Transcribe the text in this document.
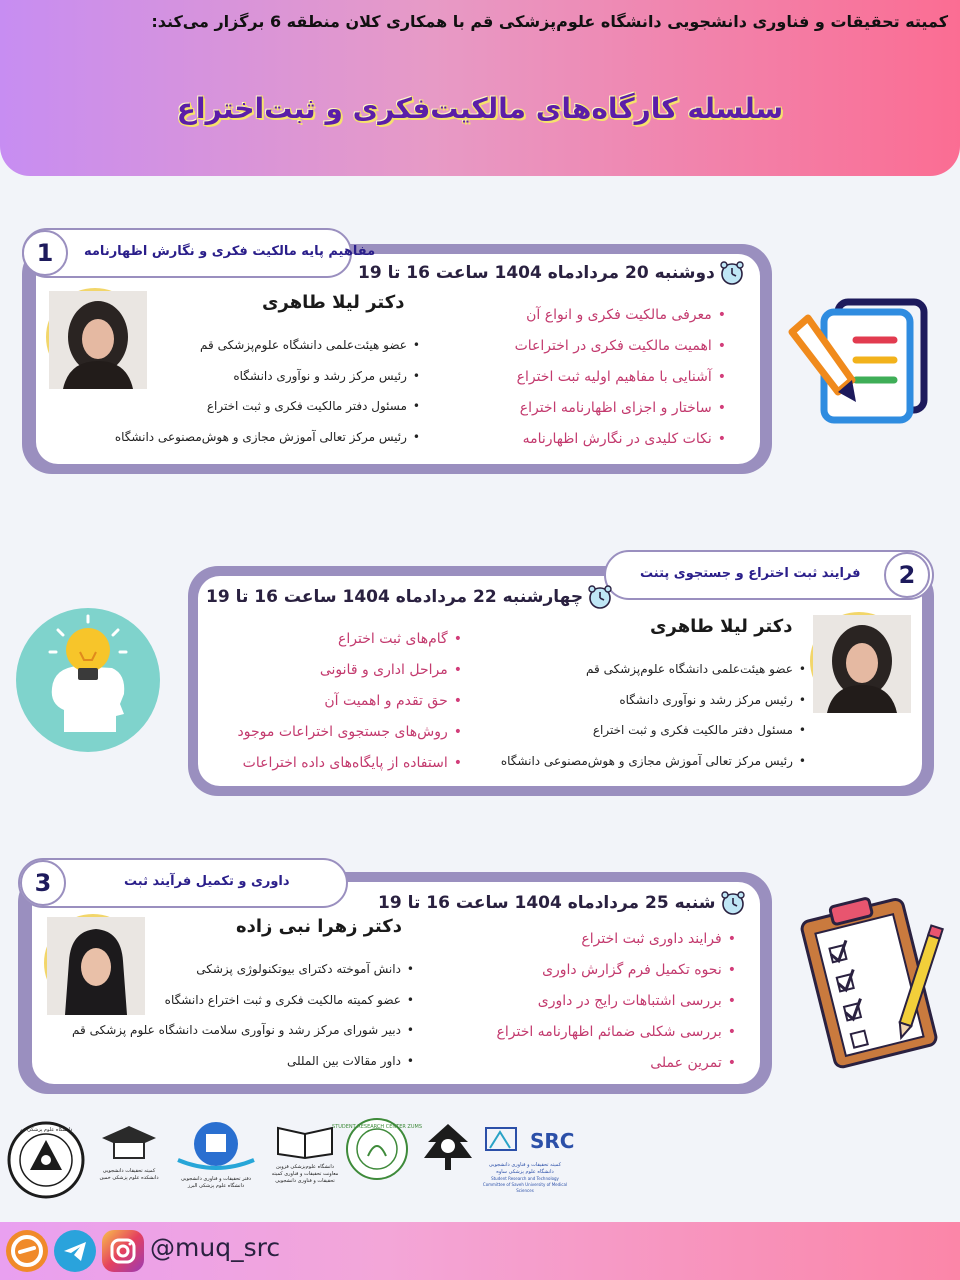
کمیته تحقیقات و فناوری دانشجویی دانشگاه علوم‌پزشکی قم با همکاری کلان منطقه 6 برگزار می‌کند:
سلسله کارگاه‌های مالکیت‌فکری و ثبت‌اختراع
مفاهیم پایه مالکیت فکری و نگارش اظهارنامه
1
دوشنبه 20 مردادماه 1404 ساعت 16 تا 19
دکتر لیلا طاهری
• عضو هیئت‌علمی دانشگاه علوم‌پزشکی قم
• رئیس مرکز رشد و نوآوری دانشگاه
• مسئول دفتر مالکیت فکری و ثبت اختراع
• رئیس مرکز تعالی آموزش مجازی و هوش‌مصنوعی دانشگاه
• معرفی مالکیت فکری و انواع آن
• اهمیت مالکیت فکری در اختراعات
• آشنایی با مفاهیم اولیه ثبت اختراع
• ساختار و اجزای اظهارنامه اختراع
• نکات کلیدی در نگارش اظهارنامه
فرایند ثبت اختراع و جستجوی پتنت	2
چهارشنبه 22 مردادماه 1404 ساعت 16 تا 19
دکتر لیلا طاهری
• عضو هیئت‌علمی دانشگاه علوم‌پزشکی قم
• رئیس مرکز رشد و نوآوری دانشگاه
• مسئول دفتر مالکیت فکری و ثبت اختراع
• رئیس مرکز تعالی آموزش مجازی و هوش‌مصنوعی دانشگاه
• گام‌های ثبت اختراع
• مراحل اداری و قانونی
• حق تقدم و اهمیت آن
• روش‌های جستجوی اختراعات موجود
• استفاده از پایگاه‌های داده اختراعات
داوری و تکمیل فرآیند ثبت
3
شنبه 25 مردادماه 1404 ساعت 16 تا 19
دکتر زهرا نبی زاده
• دانش آموخته دکترای بیوتکنولوژی پزشکی
• عضو کمیته مالکیت فکری و ثبت اختراع دانشگاه
• دبیر شورای مرکز رشد و نوآوری سلامت دانشگاه علوم پزشکی قم
• داور مقالات بین المللی
• فرایند داوری ثبت اختراع
• نحوه تکمیل فرم گزارش داوری
• بررسی اشتباهات رایج در داوری
• بررسی شکلی ضمائم اظهارنامه اختراع
• تمرین عملی
SRC
کمیته تحقیقات و فناوری دانشجویی دانشگاه علوم پزشکی ساوه
Student Research and Technology Committee of Saveh University of Medical Sciences
STUDENT RESEARCH CENTER ZUMS
دانشگاه علوم‌پزشکی قزوین معاونت تحقیقات و فناوری کمیته تحقیقات و فناوری دانشجویی
دفتر تحقیقات و فناوری دانشجویی دانشگاه علوم پزشکی البرز
کمیته تحقیقات دانشجویی دانشکده علوم پزشکی خمین
دانشگاه علوم پزشکی قم
@muq_src
